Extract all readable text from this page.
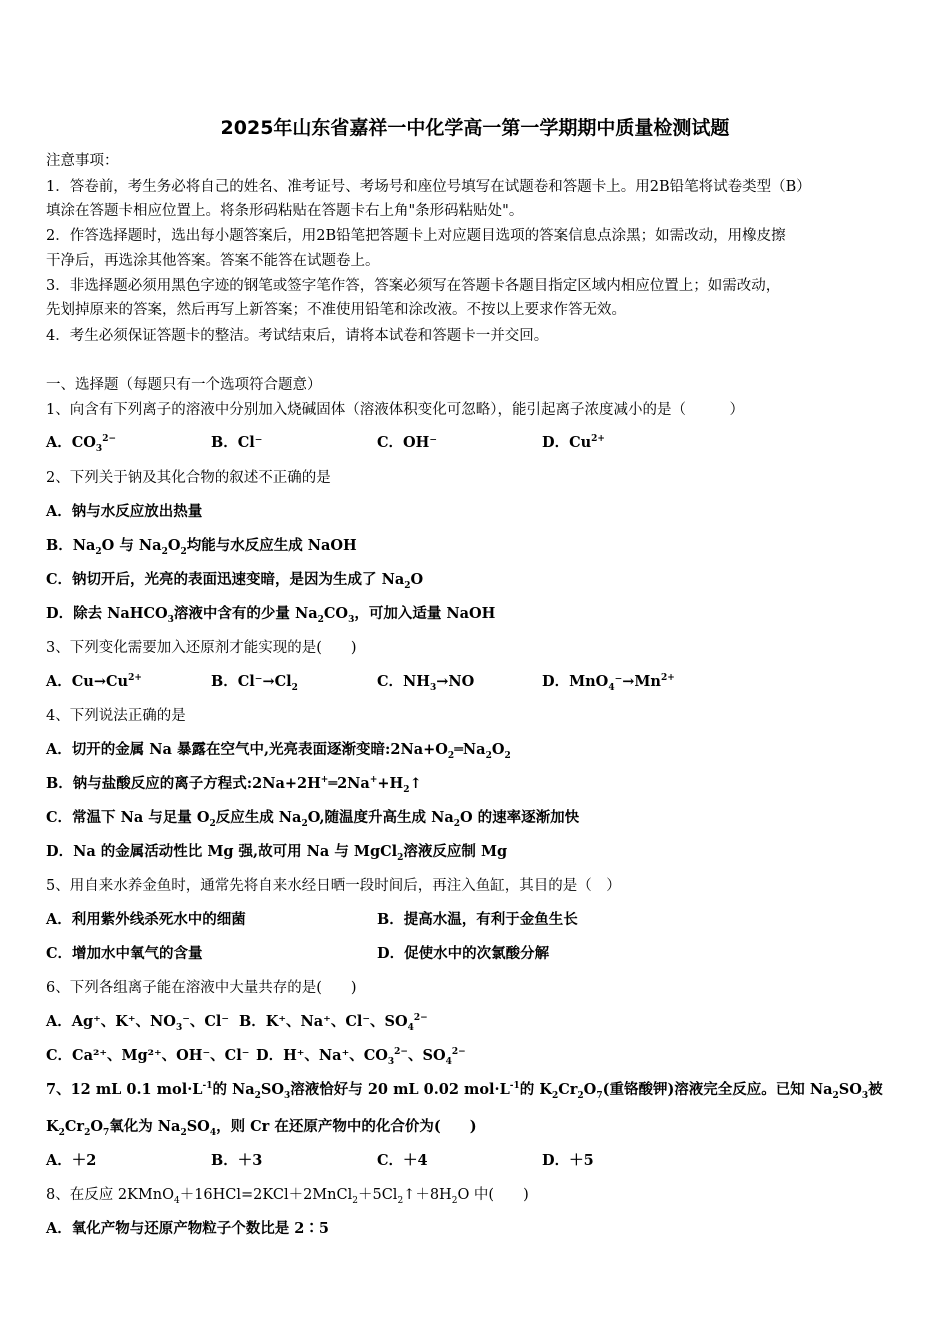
2025年山东省嘉祥一中化学高一第一学期期中质量检测试题
注意事项：
1．答卷前，考生务必将自己的姓名、准考证号、考场号和座位号填写在试题卷和答题卡上。用2B铅笔将试卷类型（B）
填涂在答题卡相应位置上。将条形码粘贴在答题卡右上角"条形码粘贴处"。
2．作答选择题时，选出每小题答案后，用2B铅笔把答题卡上对应题目选项的答案信息点涂黑；如需改动，用橡皮擦
干净后，再选涂其他答案。答案不能答在试题卷上。
3．非选择题必须用黑色字迹的钢笔或签字笔作答，答案必须写在答题卡各题目指定区域内相应位置上；如需改动，
先划掉原来的答案，然后再写上新答案；不准使用铅笔和涂改液。不按以上要求作答无效。
4．考生必须保证答题卡的整洁。考试结束后，请将本试卷和答题卡一并交回。
一、选择题（每题只有一个选项符合题意）
1、向含有下列离子的溶液中分别加入烧碱固体（溶液体积变化可忽略），能引起离子浓度减小的是（　　　）
A．$CO_3^{2-}$	B．Cl⁻	C．OH⁻	D．$Cu^{2+}$
2、下列关于钠及其化合物的叙述不正确的是
A．钠与水反应放出热量
B．$Na_2O$ 与 $Na_2O_2$均能与水反应生成 NaOH
C．钠切开后，光亮的表面迅速变暗，是因为生成了 $Na_2O$
D．除去 NaHCO$_3$溶液中含有的少量 $Na_2CO_3$，可加入适量 NaOH
3、下列变化需要加入还原剂才能实现的是(　　)
A．$Cu\to Cu^{2+}$	B．$Cl^-\to Cl_2$	C．$NH_3\to NO$	D．$MnO_4^-\to Mn^{2+}$
4、下列说法正确的是
A．切开的金属 Na 暴露在空气中,光亮表面逐渐变暗$:2Na+O_2═Na_2O_2$
B．钠与盐酸反应的离子方程式$:2Na+2H^+═2Na^++H_2↑$
C．常温下 Na 与足量 $O_2$反应生成 $Na_2O$,随温度升高生成 $Na_2O$ 的速率逐渐加快
D．Na 的金属活动性比 Mg 强,故可用 Na 与 MgCl$_2$溶液反应制 Mg
5、用自来水养金鱼时，通常先将自来水经日晒一段时间后，再注入鱼缸，其目的是（　）
A．利用紫外线杀死水中的细菌	B．提高水温，有利于金鱼生长
C．增加水中氧气的含量	D．促使水中的次氯酸分解
6、下列各组离子能在溶液中大量共存的是(　　)
A．Ag⁺、K⁺、$NO_3^-$、Cl⁻ B．K⁺、Na⁺、Cl⁻、$SO_4^{2-}$
C．Ca²⁺、Mg²⁺、OH⁻、Cl⁻ D．H⁺、Na⁺、$CO_3^{2-}$、$SO_4^{2-}$
7、12 mL 0.1 $mol\cdot L^{-1}$的 $Na_2SO_3$溶液恰好与 20 mL 0.02 $mol\cdot L^{-1}$的 $K_2Cr_2O_7$(重铬酸钾)溶液完全反应。已知 $Na_2SO_3$被
$K_2Cr_2O_7$氧化为 $Na_2SO_4$，则 Cr 在还原产物中的化合价为(　　)
A．＋2	B．＋3	C．＋4	D．＋5
8、在反应 $2KMnO_4+16HCl=2KCl+2MnCl_2+5Cl_2↑+8H_2O$ 中(　　)
A．氧化产物与还原产物粒子个数比是 2∶5
